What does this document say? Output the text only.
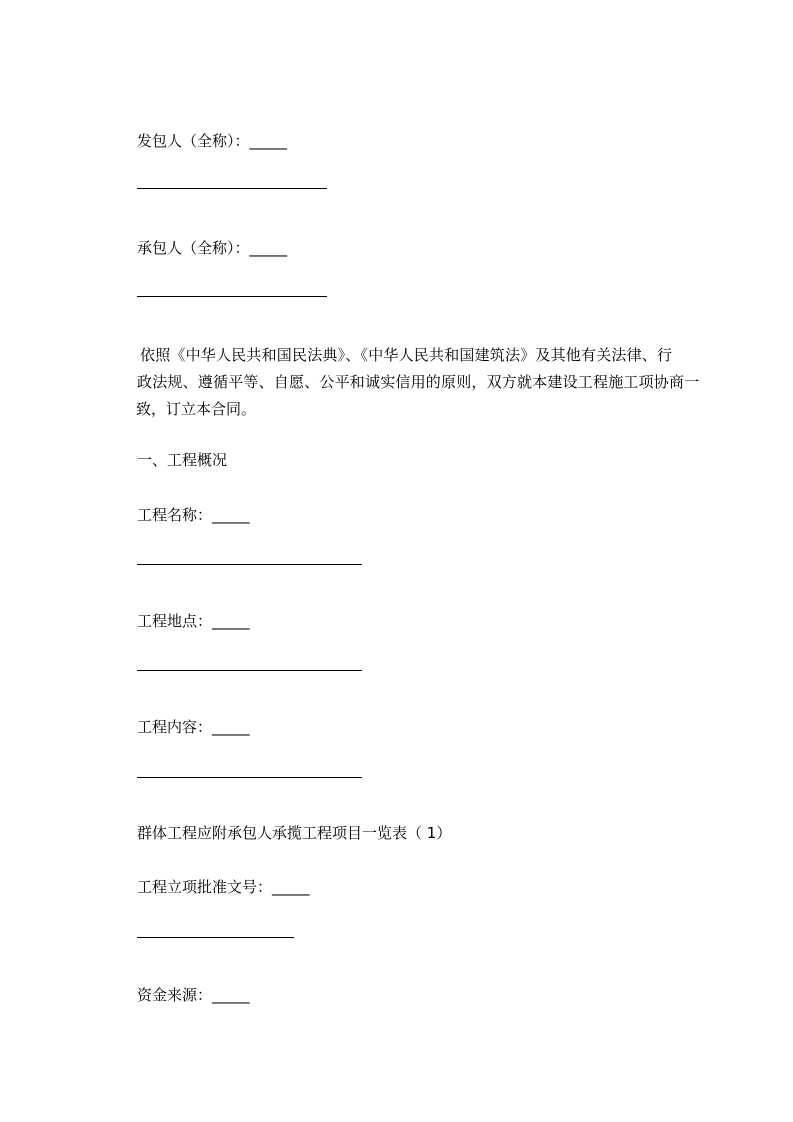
发包人（全称）：_____
承包人（全称）：_____
依照《中华人民共和国民法典》、《中华人民共和国建筑法》及其他有关法律、行
政法规、遵循平等、自愿、公平和诚实信用的原则，双方就本建设工程施工项协商一
致，订立本合同。
一、工程概况
工程名称：_____
工程地点：_____
工程内容：_____
群体工程应附承包人承揽工程项目一览表（ 1）
工程立项批准文号：_____
资金来源：_____
